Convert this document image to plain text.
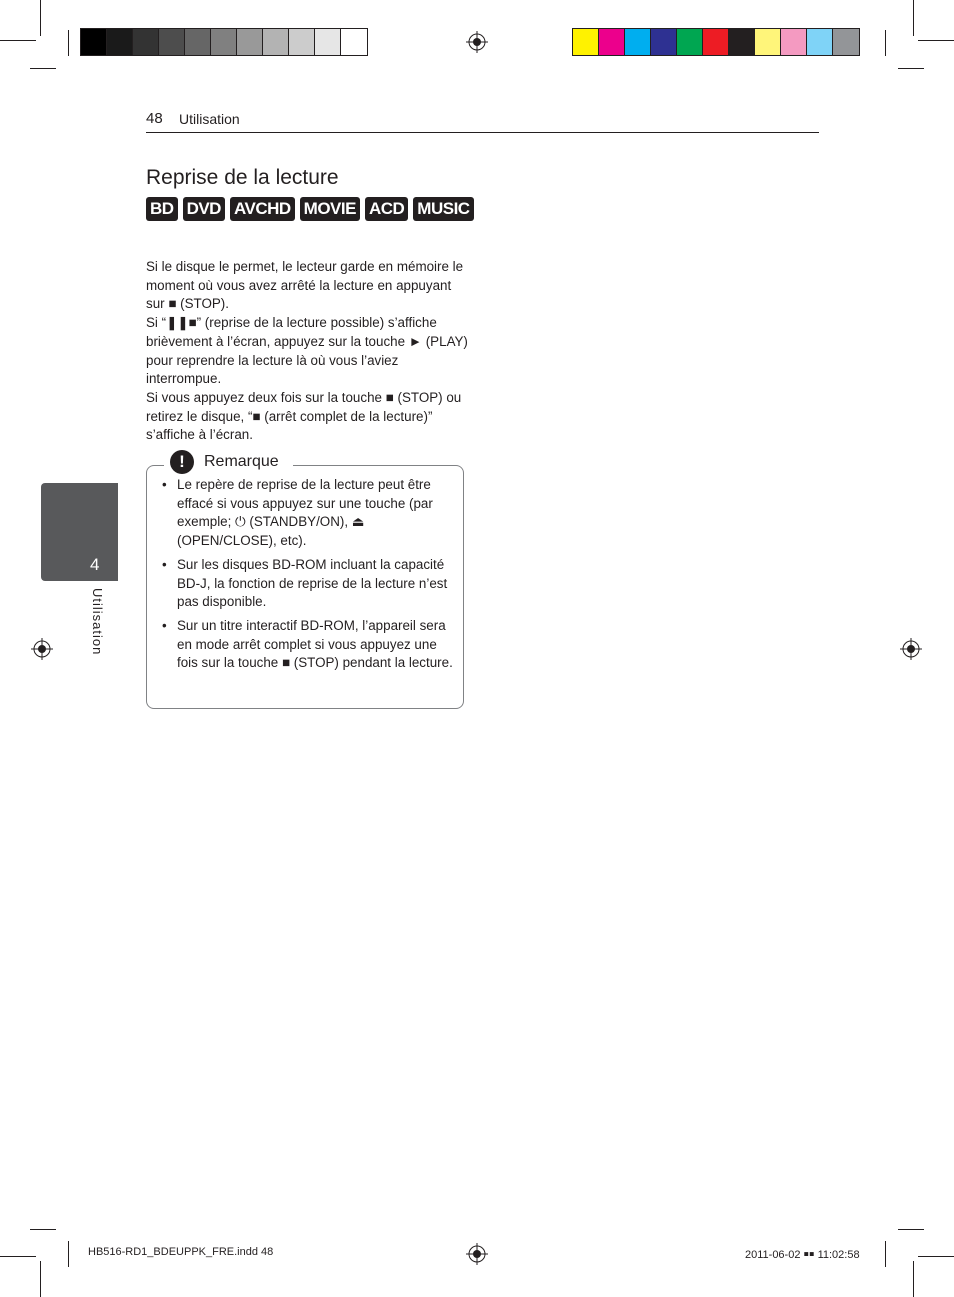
48 Utilisation
Reprise de la lecture
BD DVD AVCHD MOVIE ACD MUSIC

Si le disque le permet, le lecteur garde en mémoire le moment où vous avez arrêté la lecture en appuyant sur ■ (STOP).

Si “❚❚■” (reprise de la lecture possible) s’affiche brièvement à l’écran, appuyez sur la touche ► (PLAY) pour reprendre la lecture là où vous l’aviez interrompue.

Si vous appuyez deux fois sur la touche ■ (STOP) ou retirez le disque, “■ (arrêt complet de la lecture)” s’affiche à l’écran.

!	Remarque
• Le repère de reprise de la lecture peut être effacé si vous appuyez sur une touche (par exemple; ⏻ (STANDBY/ON), ⏏ (OPEN/CLOSE), etc).
• Sur les disques BD-ROM incluant la capacité BD-J, la fonction de reprise de la lecture n’est pas disponible.
• Sur un titre interactif BD-ROM, l’appareil sera en mode arrêt complet si vous appuyez une fois sur la touche ■ (STOP) pendant la lecture.
4
Utilisation
HB516-RD1_BDEUPPK_FRE.indd 48	2011-06-02 ￭￭ 11:02:58
